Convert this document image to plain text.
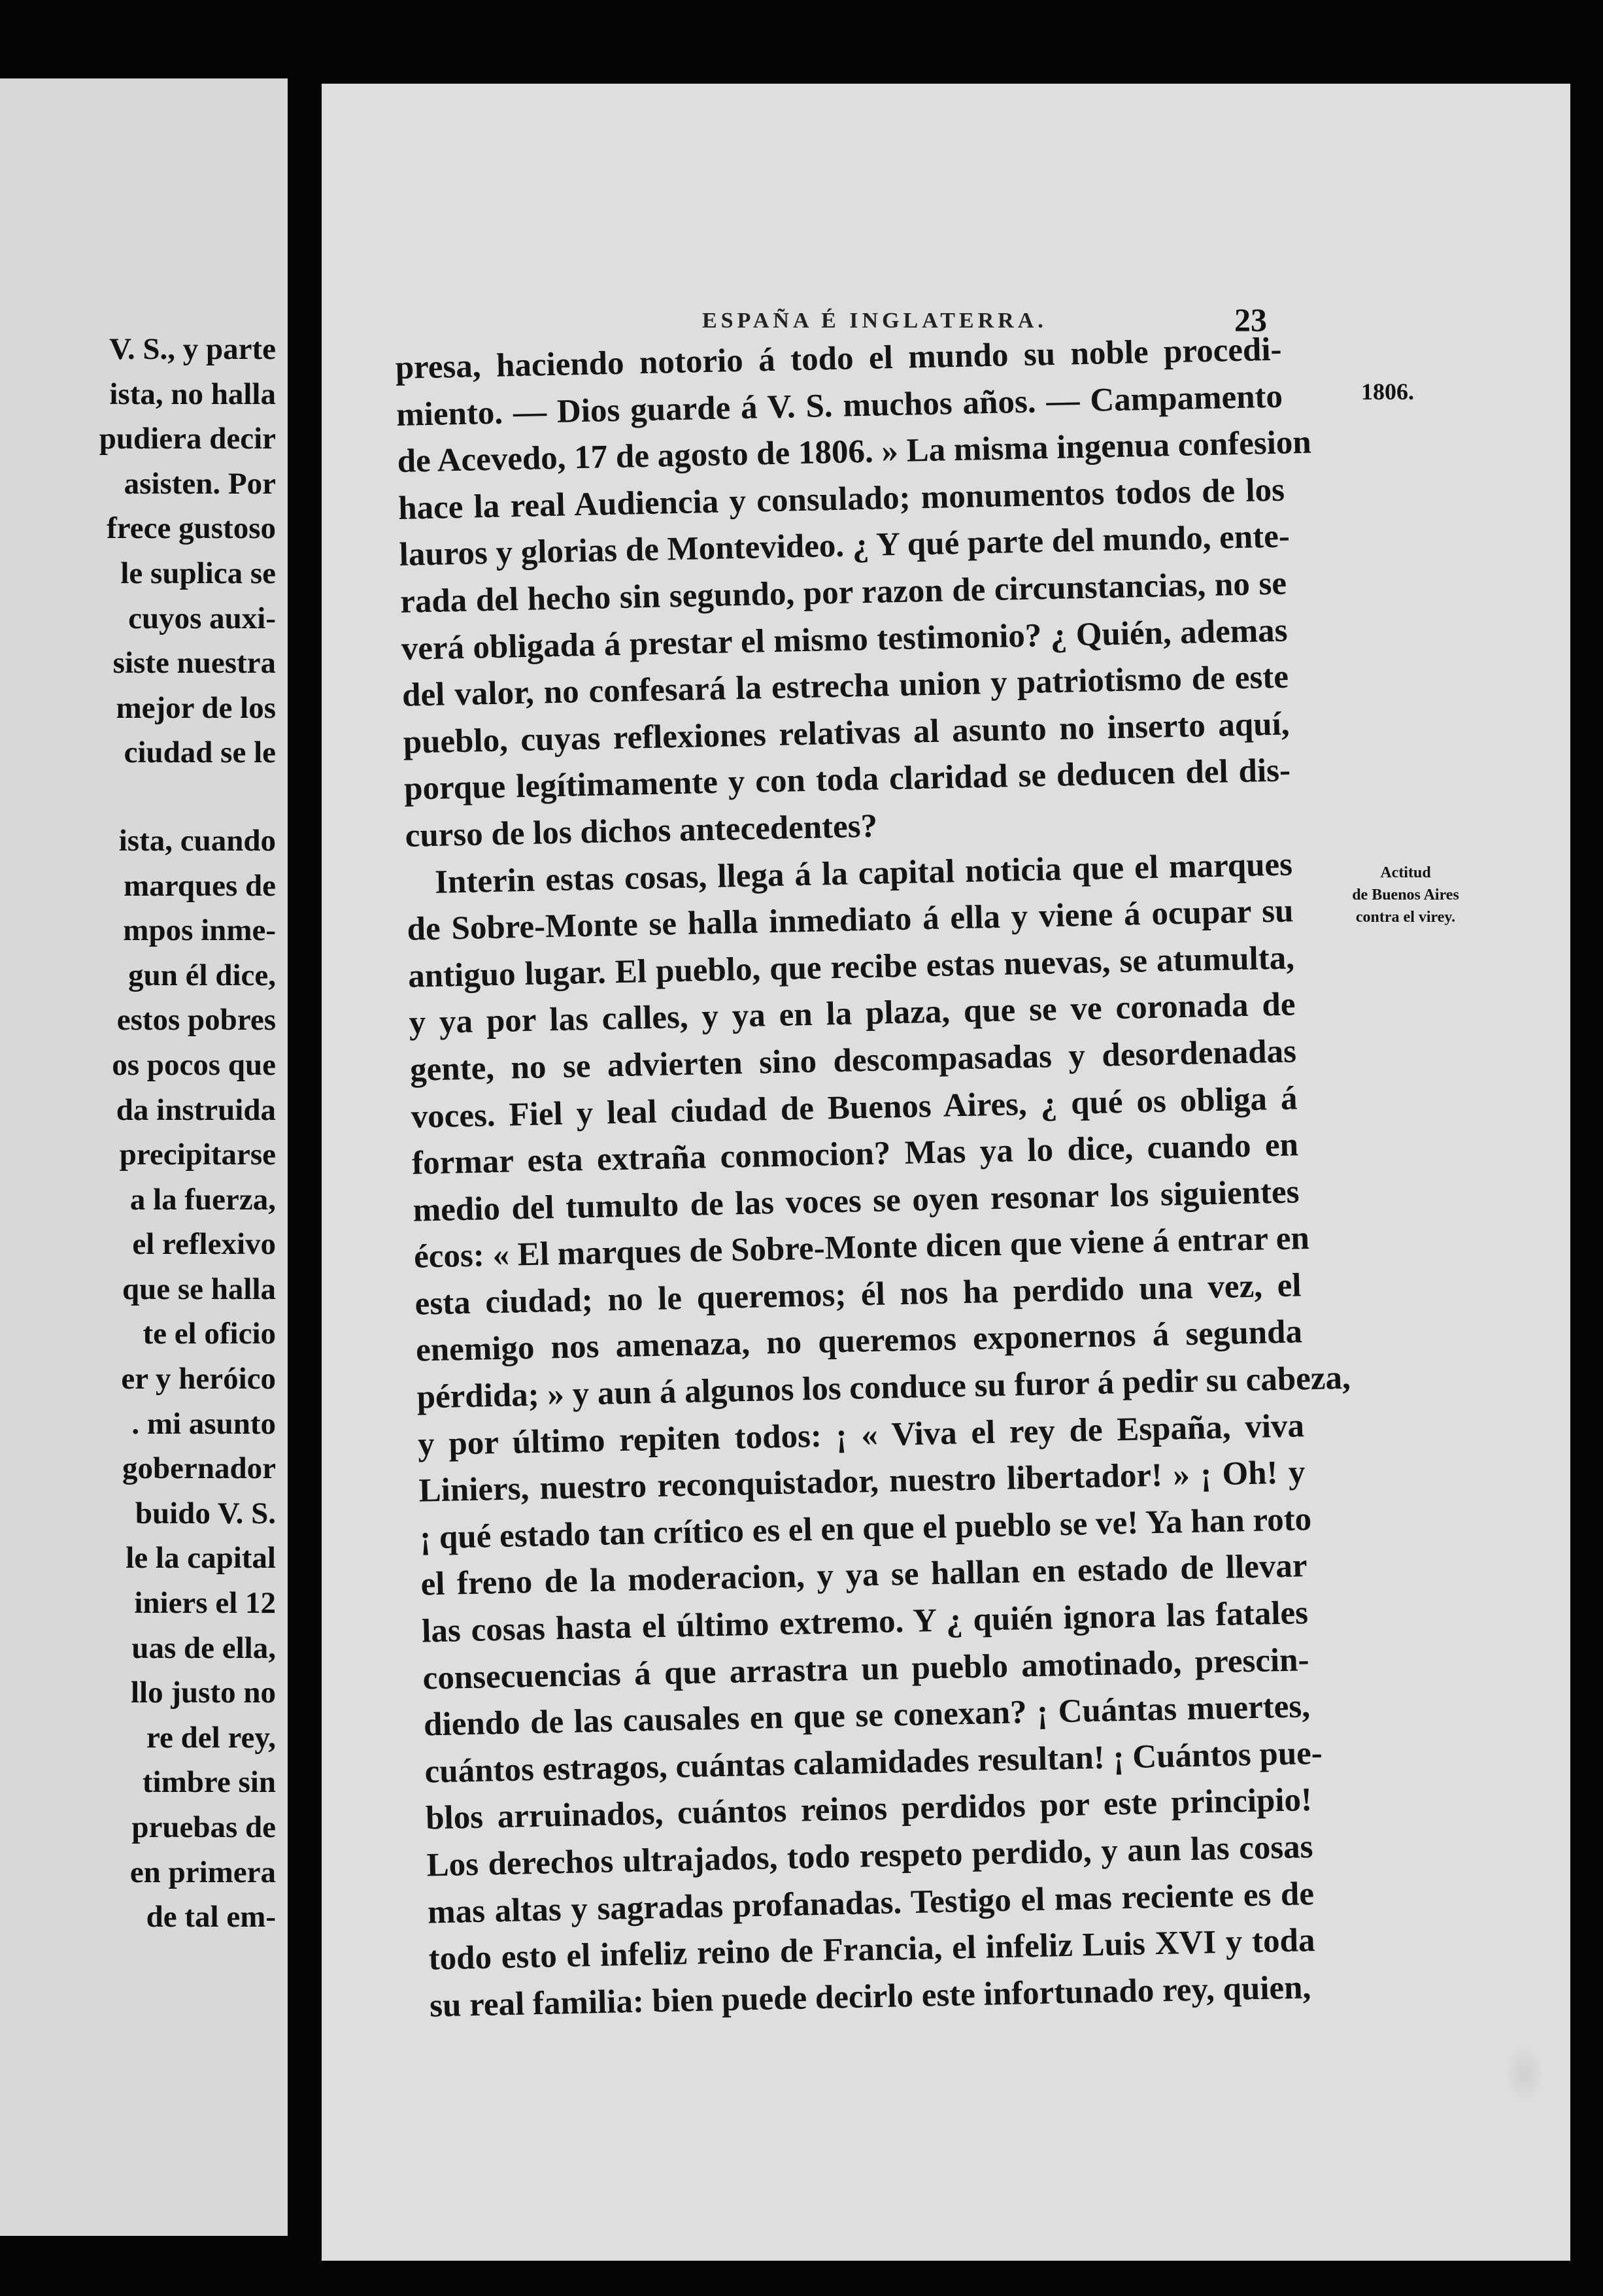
V. S., y parte
ista, no halla
pudiera decir
asisten. Por
frece gustoso
le suplica se
cuyos auxi-
siste nuestra
mejor de los
ciudad se le
ista, cuando
marques de
mpos inme-
gun él dice,
estos pobres
os pocos que
da instruida
precipitarse
a la fuerza,
el reflexivo
que se halla
te el oficio
er y heróico
. mi asunto
gobernador
buido V. S.
le la capital
iniers el 12
uas de ella,
llo justo no
re del rey,
timbre sin
pruebas de
en primera
de tal em-
ESPAÑA É INGLATERRA.	23
1806.
Actitud
de Buenos Aires
contra el virey.
presa, haciendo notorio á todo el mundo su noble procedi-
miento. — Dios guarde á V. S. muchos años. — Campamento
de Acevedo, 17 de agosto de 1806. » La misma ingenua confesion
hace la real Audiencia y consulado; monumentos todos de los
lauros y glorias de Montevideo. ¿ Y qué parte del mundo, ente-
rada del hecho sin segundo, por razon de circunstancias, no se
verá obligada á prestar el mismo testimonio? ¿ Quién, ademas
del valor, no confesará la estrecha union y patriotismo de este
pueblo, cuyas reflexiones relativas al asunto no inserto aquí,
porque legítimamente y con toda claridad se deducen del dis-
curso de los dichos antecedentes?
Interin estas cosas, llega á la capital noticia que el marques
de Sobre-Monte se halla inmediato á ella y viene á ocupar su
antiguo lugar. El pueblo, que recibe estas nuevas, se atumulta,
y ya por las calles, y ya en la plaza, que se ve coronada de
gente, no se advierten sino descompasadas y desordenadas
voces. Fiel y leal ciudad de Buenos Aires, ¿ qué os obliga á
formar esta extraña conmocion? Mas ya lo dice, cuando en
medio del tumulto de las voces se oyen resonar los siguientes
écos: « El marques de Sobre-Monte dicen que viene á entrar en
esta ciudad; no le queremos; él nos ha perdido una vez, el
enemigo nos amenaza, no queremos exponernos á segunda
pérdida; » y aun á algunos los conduce su furor á pedir su cabeza,
y por último repiten todos: ¡ « Viva el rey de España, viva
Liniers, nuestro reconquistador, nuestro libertador! » ¡ Oh! y
¡ qué estado tan crítico es el en que el pueblo se ve! Ya han roto
el freno de la moderacion, y ya se hallan en estado de llevar
las cosas hasta el último extremo. Y ¿ quién ignora las fatales
consecuencias á que arrastra un pueblo amotinado, prescin-
diendo de las causales en que se conexan? ¡ Cuántas muertes,
cuántos estragos, cuántas calamidades resultan! ¡ Cuántos pue-
blos arruinados, cuántos reinos perdidos por este principio!
Los derechos ultrajados, todo respeto perdido, y aun las cosas
mas altas y sagradas profanadas. Testigo el mas reciente es de
todo esto el infeliz reino de Francia, el infeliz Luis XVI y toda
su real familia: bien puede decirlo este infortunado rey, quien,
